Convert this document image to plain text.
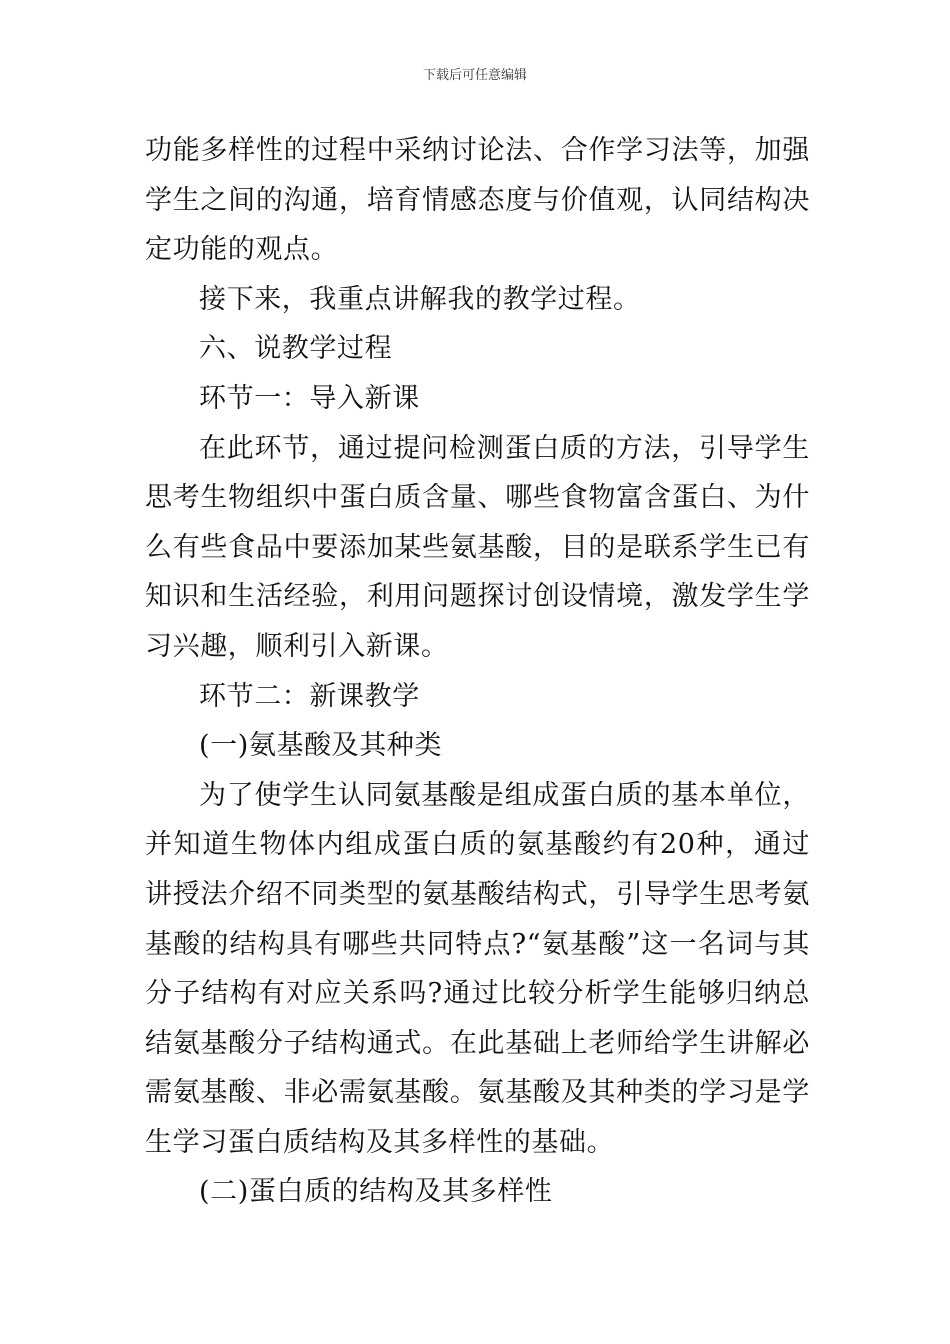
下载后可任意编辑

功能多样性的过程中采纳讨论法、合作学习法等，加强学生之间的沟通，培育情感态度与价值观，认同结构决定功能的观点。

接下来，我重点讲解我的教学过程。

六、说教学过程

环节一：导入新课

在此环节，通过提问检测蛋白质的方法，引导学生思考生物组织中蛋白质含量、哪些食物富含蛋白、为什么有些食品中要添加某些氨基酸，目的是联系学生已有知识和生活经验，利用问题探讨创设情境，激发学生学习兴趣，顺利引入新课。

环节二：新课教学

(一)氨基酸及其种类

为了使学生认同氨基酸是组成蛋白质的基本单位，并知道生物体内组成蛋白质的氨基酸约有20种，通过讲授法介绍不同类型的氨基酸结构式，引导学生思考氨基酸的结构具有哪些共同特点?“氨基酸”这一名词与其分子结构有对应关系吗?通过比较分析学生能够归纳总结氨基酸分子结构通式。在此基础上老师给学生讲解必需氨基酸、非必需氨基酸。氨基酸及其种类的学习是学生学习蛋白质结构及其多样性的基础。

(二)蛋白质的结构及其多样性
